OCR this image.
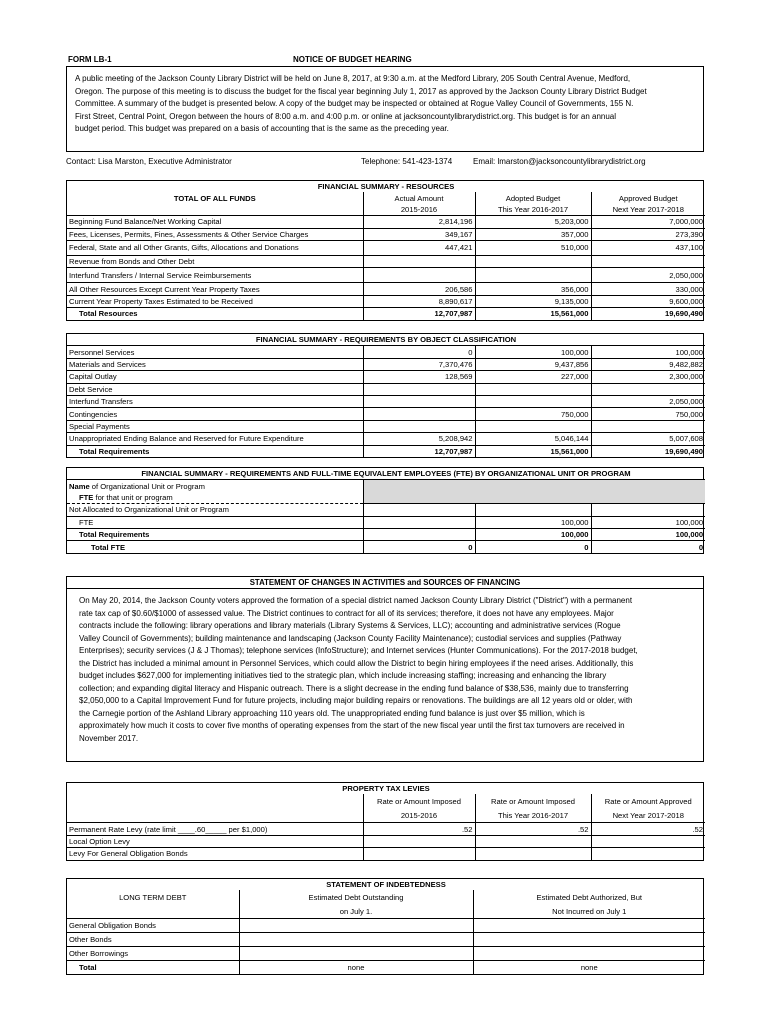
FORM LB-1	NOTICE OF BUDGET HEARING
A public meeting of the Jackson County Library District will be held on June 8, 2017, at 9:30 a.m. at the Medford Library, 205 South Central Avenue, Medford,
Oregon. The purpose of this meeting is to discuss the budget for the fiscal year beginning July 1, 2017 as approved by the Jackson County Library District Budget
Committee. A summary of the budget is presented below. A copy of the budget may be inspected or obtained at Rogue Valley Council of Governments, 155 N.
First Street, Central Point, Oregon between the hours of 8:00 a.m. and 4:00 p.m. or online at jacksoncountylibrarydistrict.org. This budget is for an annual
budget period. This budget was prepared on a basis of accounting that is the same as the preceding year.
Contact: Lisa Marston, Executive Administrator	Telephone: 541-423-1374	Email: lmarston@jacksoncountylibrarydistrict.org
FINANCIAL SUMMARY - RESOURCES			
TOTAL OF ALL FUNDS	Actual Amount	Adopted Budget	Approved Budget
	2015-2016	This Year 2016-2017	Next Year 2017-2018
Beginning Fund Balance/Net Working Capital	2,814,196	5,203,000	7,000,000
Fees, Licenses, Permits, Fines, Assessments & Other Service Charges	349,167	357,000	273,390
Federal, State and all Other Grants, Gifts, Allocations and Donations	447,421	510,000	437,100
Revenue from Bonds and Other Debt			
Interfund Transfers / Internal Service Reimbursements			2,050,000
All Other Resources Except Current Year Property Taxes	206,586	356,000	330,000
Current Year Property Taxes Estimated to be Received	8,890,617	9,135,000	9,600,000
Total Resources	12,707,987	15,561,000	19,690,490
FINANCIAL SUMMARY - REQUIREMENTS BY OBJECT CLASSIFICATION			
Personnel Services	0	100,000	100,000
Materials and Services	7,370,476	9,437,856	9,482,882
Capital Outlay	128,569	227,000	2,300,000
Debt Service			
Interfund Transfers			2,050,000
Contingencies		750,000	750,000
Special Payments			
Unappropriated Ending Balance and Reserved for Future Expenditure	5,208,942	5,046,144	5,007,608
Total Requirements	12,707,987	15,561,000	19,690,490
FINANCIAL SUMMARY - REQUIREMENTS AND FULL-TIME EQUIVALENT EMPLOYEES (FTE) BY ORGANIZATIONAL UNIT OR PROGRAM			
Name of Organizational Unit or Program			
FTE for that unit or program			
Not Allocated to Organizational Unit or Program			
FTE		100,000	100,000
Total Requirements		100,000	100,000
Total FTE	0	0	0
STATEMENT OF CHANGES IN ACTIVITIES and SOURCES OF FINANCING
On May 20, 2014, the Jackson County voters approved the formation of a special district named Jackson County Library District ("District") with a permanent
rate tax cap of $0.60/$1000 of assessed value. The District continues to contract for all of its services; therefore, it does not have any employees. Major
contracts include the following: library operations and library materials (Library Systems & Services, LLC); accounting and administrative services (Rogue
Valley Council of Governments); building maintenance and landscaping (Jackson County Facility Maintenance); custodial services and supplies (Pathway
Enterprises); security services (J & J Thomas); telephone services (InfoStructure); and Internet services (Hunter Communications). For the 2017-2018 budget,
the District has included a minimal amount in Personnel Services, which could allow the District to begin hiring employees if the need arises. Additionally, this
budget includes $627,000 for implementing initiatives tied to the strategic plan, which include increasing staffing; increasing and enhancing the library
collection; and expanding digital literacy and Hispanic outreach. There is a slight decrease in the ending fund balance of $38,536, mainly due to transferring
$2,050,000 to a Capital Improvement Fund for future projects, including major building repairs or renovations. The buildings are all 12 years old or older, with
the Carnegie portion of the Ashland Library approaching 110 years old. The unappropriated ending fund balance is just over $5 million, which is
approximately how much it costs to cover five months of operating expenses from the start of the new fiscal year until the first tax turnovers are received in
November 2017.
PROPERTY TAX LEVIES			
	Rate or Amount Imposed	Rate or Amount Imposed	Rate or Amount Approved
	2015-2016	This Year 2016-2017	Next Year 2017-2018
Permanent Rate Levy (rate limit ____.60_____ per $1,000)	.52	.52	.52
Local Option Levy			
Levy For General Obligation Bonds			
STATEMENT OF INDEBTEDNESS		
LONG TERM DEBT	Estimated Debt Outstanding	Estimated Debt Authorized, But
	on July 1.	Not Incurred on July 1
General Obligation Bonds		
Other Bonds		
Other Borrowings		
Total	none	none
